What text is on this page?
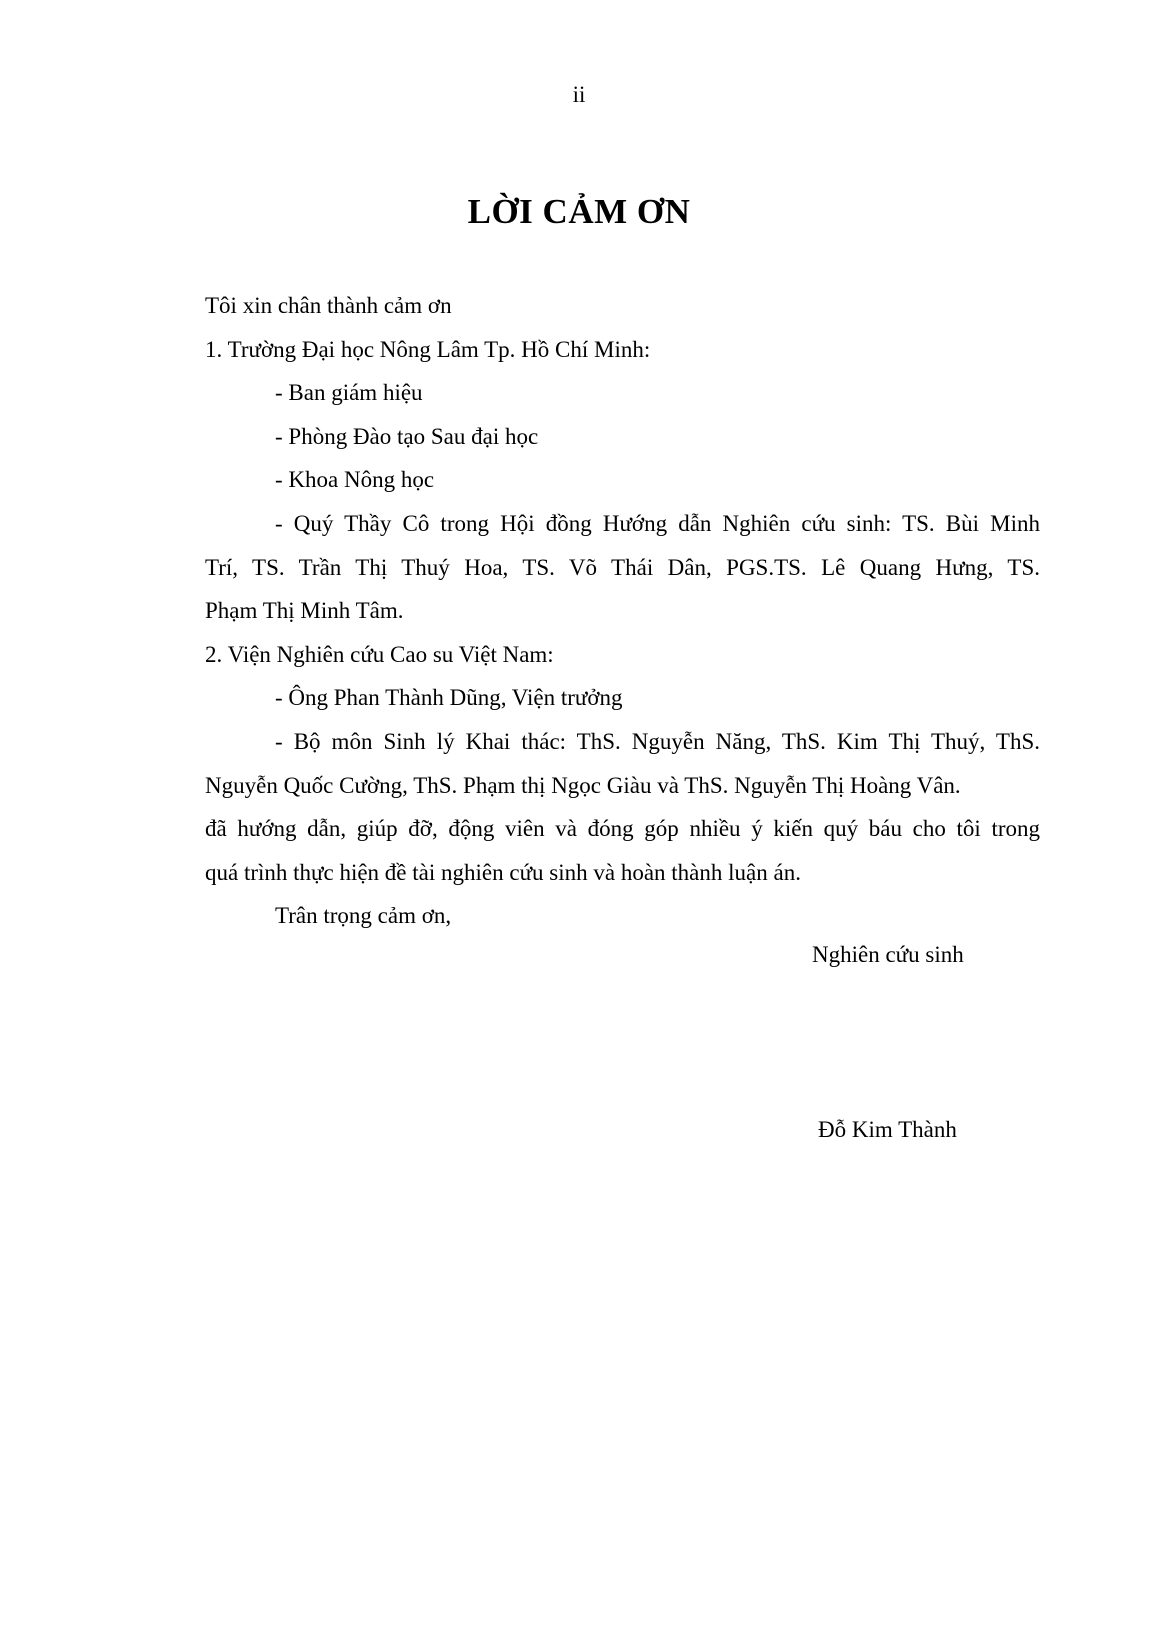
ii
LỜI CẢM ƠN
Tôi xin chân thành cảm ơn
1. Trường Đại học Nông Lâm Tp. Hồ Chí Minh:
- Ban giám hiệu
- Phòng Đào tạo Sau đại học
- Khoa Nông học
- Quý Thầy Cô trong Hội đồng Hướng dẫn Nghiên cứu sinh: TS. Bùi Minh
Trí, TS. Trần Thị Thuý Hoa, TS. Võ Thái Dân, PGS.TS. Lê Quang Hưng, TS.
Phạm Thị Minh Tâm.
2. Viện Nghiên cứu Cao su Việt Nam:
- Ông Phan Thành Dũng, Viện trưởng
- Bộ môn Sinh lý Khai thác: ThS. Nguyễn Năng, ThS. Kim Thị Thuý, ThS.
Nguyễn Quốc Cường, ThS. Phạm thị Ngọc Giàu và ThS. Nguyễn Thị Hoàng Vân.
đã hướng dẫn, giúp đỡ, động viên và đóng góp nhiều ý kiến quý báu cho tôi trong
quá trình thực hiện đề tài nghiên cứu sinh và hoàn thành luận án.
Trân trọng cảm ơn,
Nghiên cứu sinh
Đỗ Kim Thành
